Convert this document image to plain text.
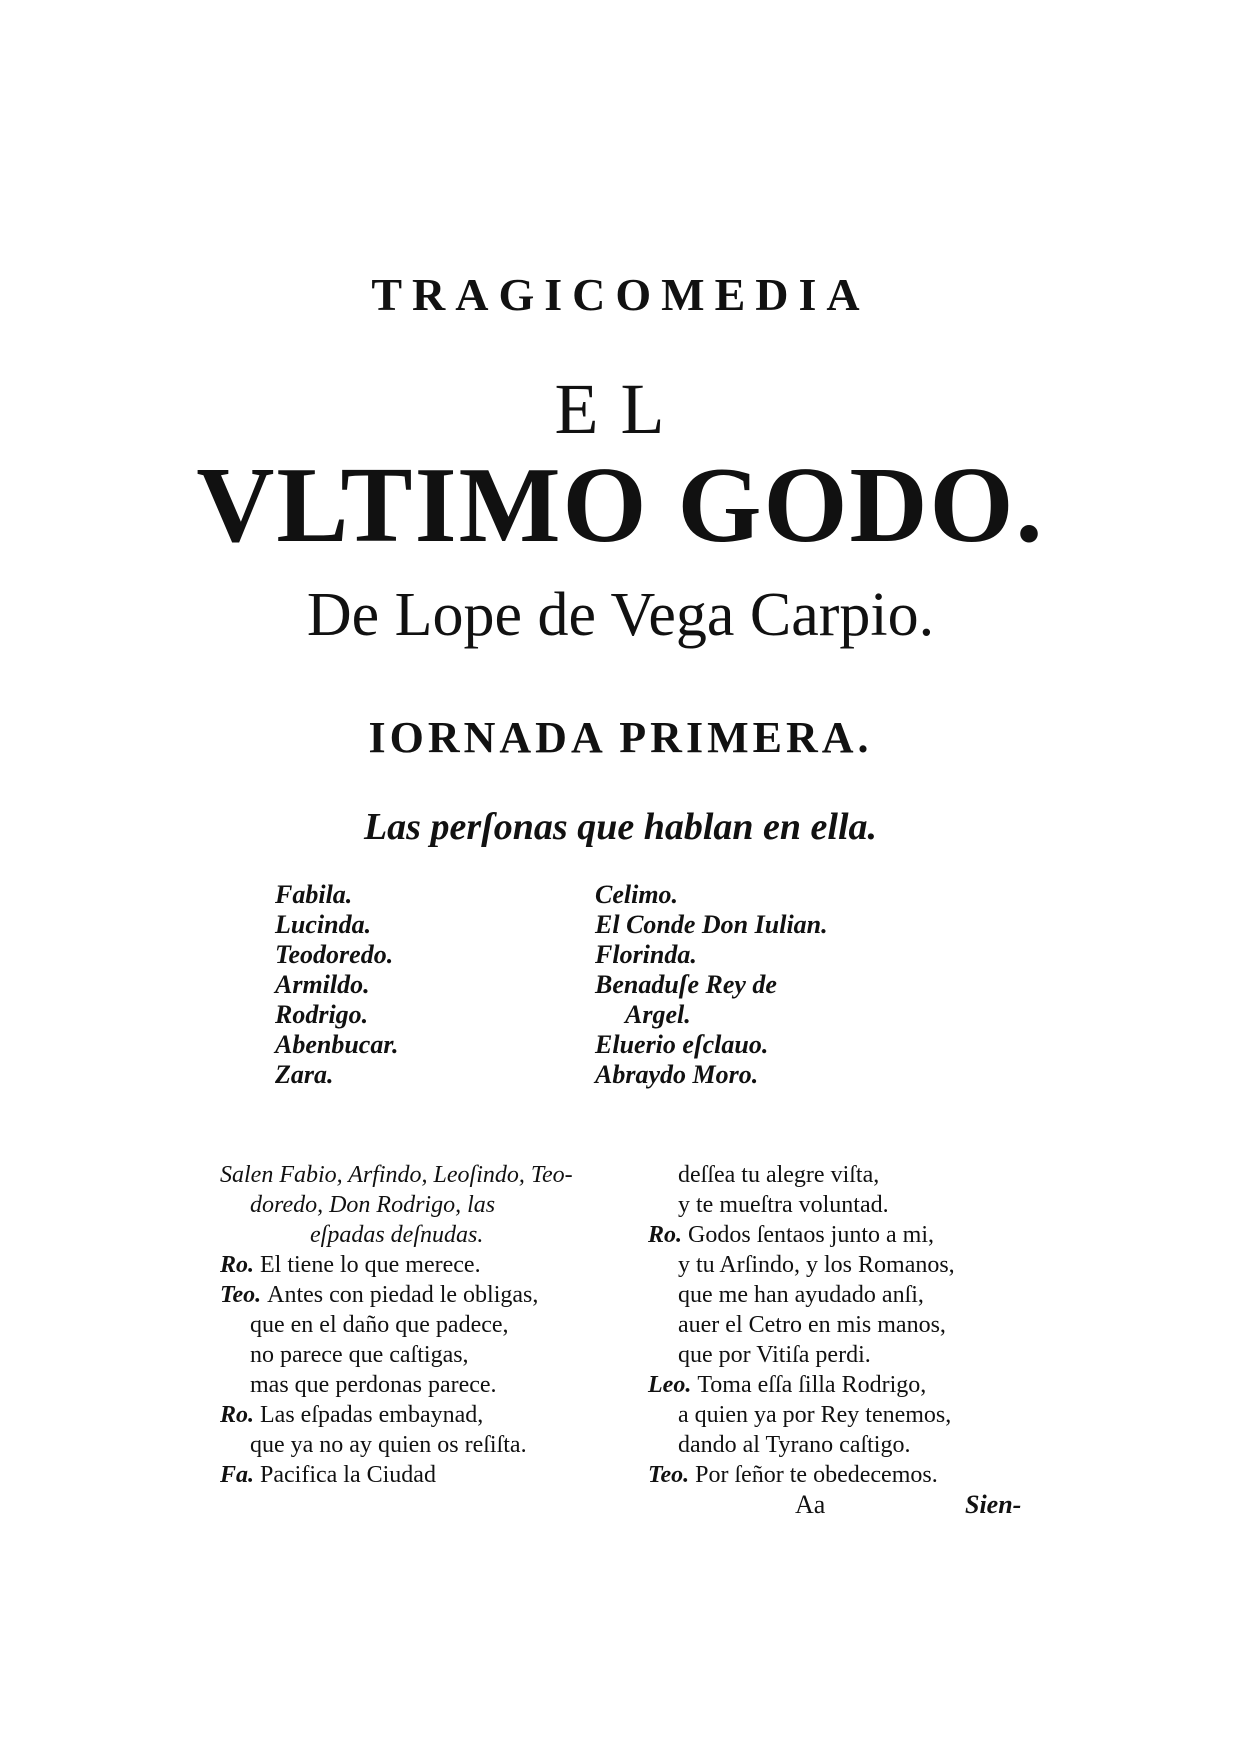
TRAGICOMEDIA
EL
VLTIMO GODO.
De Lope de Vega Carpio.
IORNADA PRIMERA.
Las perſonas que hablan en ella.
Fabila.
Lucinda.
Teodoredo.
Armildo.
Rodrigo.
Abenbucar.
Zara.
Celimo.
El Conde Don Iulian.
Florinda.
Benaduſe Rey de
Argel.
Eluerio eſclauo.
Abraydo Moro.
Salen Fabio, Arfindo, Leoſindo, Teo-
doredo, Don Rodrigo, las
eſpadas deſnudas.
Ro. El tiene lo que merece.
Teo. Antes con piedad le obligas,
que en el daño que padece,
no parece que caſtigas,
mas que perdonas parece.
Ro. Las eſpadas embaynad,
que ya no ay quien os reſiſta.
Fa. Pacifica la Ciudad
deſſea tu alegre viſta,
y te mueſtra voluntad.
Ro. Godos ſentaos junto a mi,
y tu Arſindo, y los Romanos,
que me han ayudado anſi,
auer el Cetro en mis manos,
que por Vitiſa perdi.
Leo. Toma eſſa ſilla Rodrigo,
a quien ya por Rey tenemos,
dando al Tyrano caſtigo.
Teo. Por ſeñor te obedecemos.
Aa	Sien-
